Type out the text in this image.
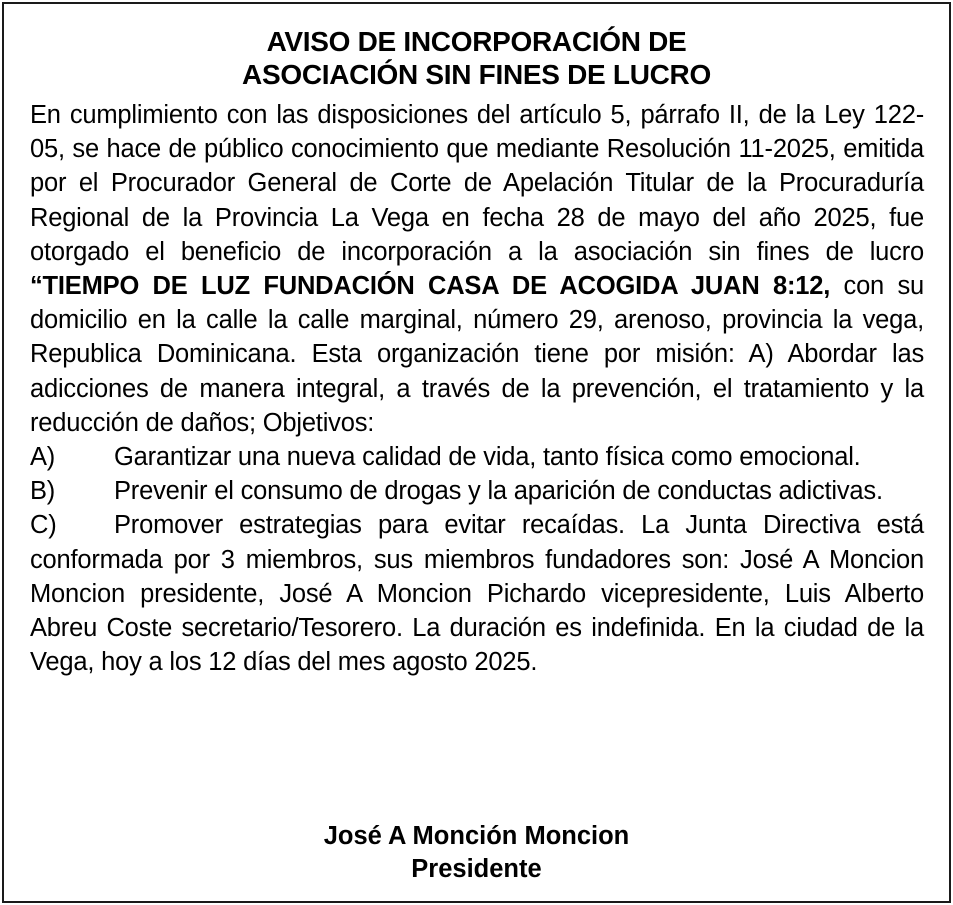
AVISO DE INCORPORACIÓN DE
ASOCIACIÓN SIN FINES DE LUCRO

En cumplimiento con las disposiciones del artículo 5, párrafo II, de la Ley 122-05, se hace de público conocimiento que mediante Resolución 11-2025, emitida por el Procurador General de Corte de Apelación Titular de la Procuraduría Regional de la Provincia La Vega en fecha 28 de mayo del año 2025, fue otorgado el beneficio de incorporación a la asociación sin fines de lucro “TIEMPO DE LUZ FUNDACIÓN CASA DE ACOGIDA JUAN 8:12, con su domicilio en la calle la calle marginal, número 29, arenoso, provincia la vega, Republica Dominicana. Esta organización tiene por misión: A) Abordar las adicciones de manera integral, a través de la prevención, el tratamiento y la reducción de daños; Objetivos:

A) Garantizar una nueva calidad de vida, tanto física como emocional.

B) Prevenir el consumo de drogas y la aparición de conductas adictivas.

C) Promover estrategias para evitar recaídas. La Junta Directiva está conformada por 3 miembros, sus miembros fundadores son: José A Moncion Moncion presidente, José A Moncion Pichardo vicepresidente, Luis Alberto Abreu Coste secretario/Tesorero. La duración es indefinida. En la ciudad de la Vega, hoy a los 12 días del mes agosto 2025.

José A Monción Moncion

Presidente
